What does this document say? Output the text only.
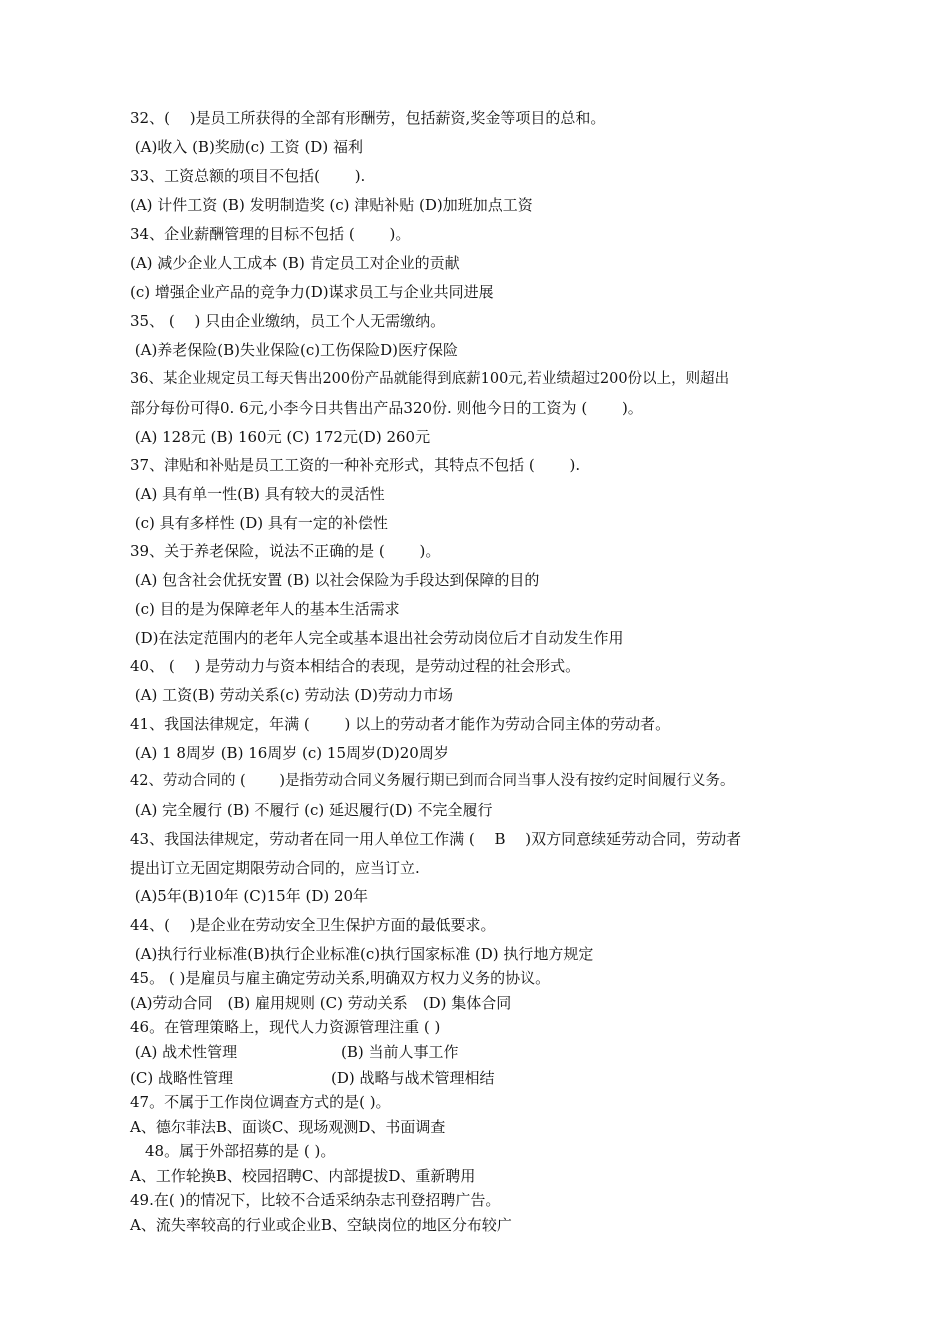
32、(　 )是员工所获得的全部有形酬劳，包括薪资,奖金等项目的总和。
(A)收入 (B)奖励(c) 工资 (D) 福利
33、工资总额的项目不包括(　　 ).
(A) 计件工资 (B) 发明制造奖 (c) 津贴补贴 (D)加班加点工资
34、企业薪酬管理的目标不包括 (　　 )。
(A) 减少企业人工成本 (B) 肯定员工对企业的贡献
(c) 增强企业产品的竞争力(D)谋求员工与企业共同进展
35、 (　 ) 只由企业缴纳，员工个人无需缴纳。
(A)养老保险(B)失业保险(c)工伤保险D)医疗保险
36、某企业规定员工每天售出200份产品就能得到底薪100元,若业绩超过200份以上，则超出
部分每份可得0. 6元,小李今日共售出产品320份. 则他今日的工资为 (　　 )。
(A) 128元 (B) 160元 (C) 172元(D) 260元
37、津贴和补贴是员工工资的一种补充形式，其特点不包括 (　　 ).
(A) 具有单一性(B) 具有较大的灵活性
(c) 具有多样性 (D) 具有一定的补偿性
39、关于养老保险，说法不正确的是 (　　 )。
(A) 包含社会优抚安置 (B) 以社会保险为手段达到保障的目的
(c) 目的是为保障老年人的基本生活需求
(D)在法定范围内的老年人完全或基本退出社会劳动岗位后才自动发生作用
40、 (　 ) 是劳动力与资本相结合的表现，是劳动过程的社会形式。
(A) 工资(B) 劳动关系(c) 劳动法 (D)劳动力市场
41、我国法律规定，年满 (　　 ) 以上的劳动者才能作为劳动合同主体的劳动者。
(A) 1 8周岁 (B) 16周岁 (c) 15周岁(D)20周岁
42、劳动合同的 (　　 )是指劳动合同义务履行期已到而合同当事人没有按约定时间履行义务。
(A) 完全履行 (B) 不履行 (c) 延迟履行(D) 不完全履行
43、我国法律规定，劳动者在同一用人单位工作满 (　 B　 )双方同意续延劳动合同，劳动者
提出订立无固定期限劳动合同的，应当订立.
(A)5年(B)10年 (C)15年 (D) 20年
44、(　 )是企业在劳动安全卫生保护方面的最低要求。
(A)执行行业标准(B)执行企业标准(c)执行国家标准 (D) 执行地方规定
45。 ( )是雇员与雇主确定劳动关系,明确双方权力义务的协议。
(A)劳动合同　(B) 雇用规则 (C) 劳动关系　(D) 集体合同
46。在管理策略上，现代人力资源管理注重 ( )
(A) 战术性管理	(B) 当前人事工作
(C) 战略性管理	(D) 战略与战术管理相结
47。不属于工作岗位调查方式的是( )。
A、德尔菲法B、面谈C、现场观测D、书面调查
　48。属于外部招募的是 ( )。
A、工作轮换B、校园招聘C、内部提拔D、重新聘用
49.在( )的情况下，比较不合适采纳杂志刊登招聘广告。
A、流失率较高的行业或企业B、空缺岗位的地区分布较广
